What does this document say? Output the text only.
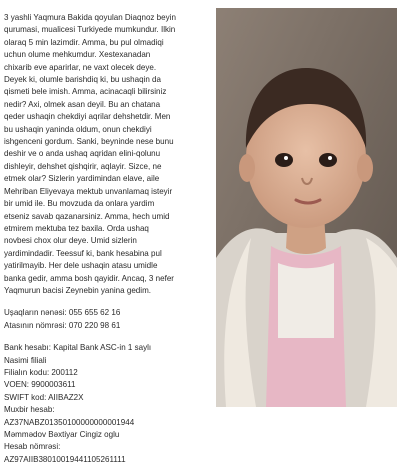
3 yashli Yaqmura Bakida qoyulan Diaqnoz beyin
qurumasi, mualicesi Turkiyede mumkundur. Ilkin
olaraq 5 min lazimdir. Amma, bu pul olmadiqi
uchun olume mehkumdur. Xestexanadan
chixarib eve aparirlar, ne vaxt olecek deye.
Deyek ki, olumle barishdiq ki, bu ushaqin da
qismeti bele imish. Amma, acinacaqli bilirsiniz
nedir? Axi, olmek asan deyil. Bu an chatana
qeder ushaqin chekdiyi aqrilar dehshetdir. Men
bu ushaqin yaninda oldum, onun chekdiyi
ishgenceni gordum. Sanki, beyninde nese bunu
deshir ve o anda ushaq aqridan elini-qolunu
dishleyir, dehshet qishqirir, aqlayir. Sizce, ne
etmek olar? Sizlerin yardimindan elave, aile
Mehriban Eliyevaya mektub unvanlamaq isteyir
bir umid ile. Bu movzuda da onlara yardim
etseniz savab qazanarsiniz. Amma, hech umid
etmirem mektuba tez baxila. Orda ushaq
novbesi chox olur deye. Umid sizlerin
yardimindadir. Teessuf ki, bank hesabina pul
yatirilmayib. Her dele ushaqin atasu umidle
banka gedir, amma bosh qayidir. Ancaq, 3 nefer
Yaqmurun bacisi Zeynebin yanina gedim.

Ușaqların nənəsi: 055 655 62 16

Atasının nömrəsi: 070 220 98 61

Bank hesabı: Kapital Bank ASC-in 1 saylı

Nasimi filiali

Filialın kodu: 200112

VOEN: 9900003611

SWIFT kod: AIIBAZ2X

Muxbir hesab:

AZ37NABZ01350100000000001944

Məmmədov Bəxtiyar Cingiz oglu

Hesab nömrəsi:

AZ97AIIB38010019441105261111
